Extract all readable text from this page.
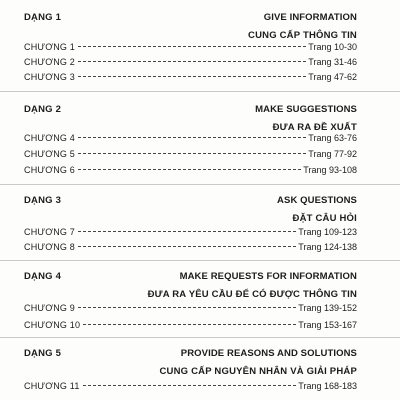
DẠNG 1	GIVE INFORMATION
CUNG CẤP THÔNG TIN
CHƯƠNG 1	Trang 10-30
CHƯƠNG 2	Trang 31-46
CHƯƠNG 3	Trang 47-62
DẠNG 2	MAKE SUGGESTIONS
ĐƯA RA ĐỀ XUẤT
CHƯƠNG 4	Trang 63-76
CHƯƠNG 5	Trang 77-92
CHƯƠNG 6	Trang 93-108
DẠNG 3	ASK QUESTIONS
ĐẶT CÂU HỎI
CHƯƠNG 7	Trang 109-123
CHƯƠNG 8	Trang 124-138
DẠNG 4	MAKE REQUESTS FOR INFORMATION
ĐƯA RA YÊU CẦU ĐỂ CÓ ĐƯỢC THÔNG TIN
CHƯƠNG 9	Trang 139-152
CHƯƠNG 10	Trang 153-167
DẠNG 5	PROVIDE REASONS AND SOLUTIONS
CUNG CẤP NGUYÊN NHÂN VÀ GIẢI PHÁP
CHƯƠNG 11	Trang 168-183
